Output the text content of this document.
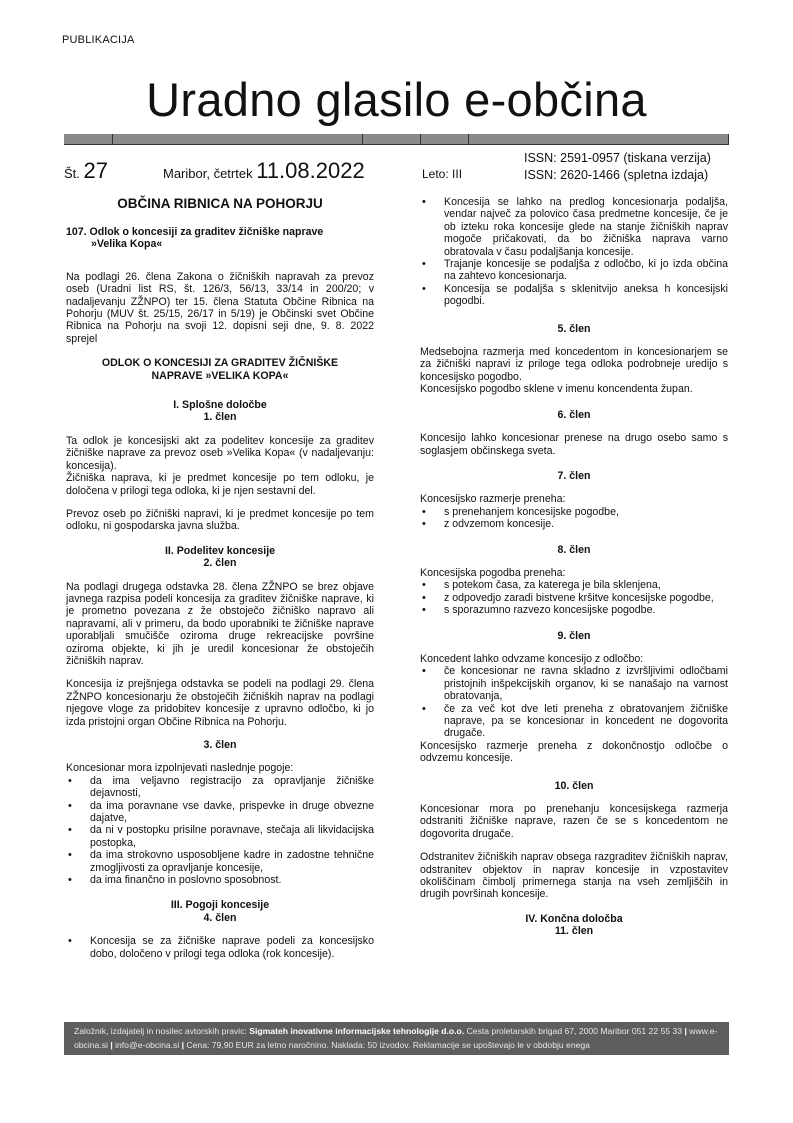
PUBLIKACIJA
Uradno glasilo e-občina
Št. 27	Maribor, četrtek 11.08.2022	Leto: III
ISSN: 2591-0957 (tiskana verzija)
ISSN: 2620-1466 (spletna izdaja)
OBČINA RIBNICA NA POHORJU
107. Odlok o koncesiji za graditev žičniške naprave
»Velika Kopa«

Na podlagi 26. člena Zakona o žičniških napravah za prevoz oseb (Uradni list RS, št. 126/3, 56/13, 33/14 in 200/20; v nadaljevanju ZŽNPO) ter 15. člena Statuta Občine Ribnica na Pohorju (MUV št. 25/15, 26/17 in 5/19) je Občinski svet Občine Ribnica na Pohorju na svoji 12. dopisni seji dne, 9. 8. 2022 sprejel

ODLOK O KONCESIJI ZA GRADITEV ŽIČNIŠKE
NAPRAVE »VELIKA KOPA«
I. Splošne določbe
1. člen

Ta odlok je koncesijski akt za podelitev koncesije za graditev žičniške naprave za prevoz oseb »Velika Kopa« (v nadaljevanju: koncesija).

Žičniška naprava, ki je predmet koncesije po tem odloku, je določena v prilogi tega odloka, ki je njen sestavni del.

Prevoz oseb po žičniški napravi, ki je predmet koncesije po tem odloku, ni gospodarska javna služba.

II. Podelitev koncesije
2. člen

Na podlagi drugega odstavka 28. člena ZŽNPO se brez objave javnega razpisa podeli koncesija za graditev žičniške naprave, ki je prometno povezana z že obstoječo žičniško napravo ali napravami, ali v primeru, da bodo uporabniki te žičniške naprave uporabljali smučišče oziroma druge rekreacijske površine oziroma objekte, ki jih je uredil koncesionar že obstoječih žičniških naprav.

Koncesija iz prejšnjega odstavka se podeli na podlagi 29. člena ZŽNPO koncesionarju že obstoječih žičniških naprav na podlagi njegove vloge za pridobitev koncesije z upravno odločbo, ki jo izda pristojni organ Občine Ribnica na Pohorju.

3. člen
Koncesionar mora izpolnjevati naslednje pogoje:
• da ima veljavno registracijo za opravljanje žičniške dejavnosti,
• da ima poravnane vse davke, prispevke in druge obvezne dajatve,
• da ni v postopku prisilne poravnave, stečaja ali likvidacijska postopka,
• da ima strokovno usposobljene kadre in zadostne tehnične zmogljivosti za opravljanje koncesije,
• da ima finančno in poslovno sposobnost.
III. Pogoji koncesije
4. člen
• Koncesija se za žičniške naprave podeli za koncesijsko dobo, določeno v prilogi tega odloka (rok koncesije).
• Koncesija se lahko na predlog koncesionarja podaljša, vendar največ za polovico časa predmetne koncesije, če je ob izteku roka koncesije glede na stanje žičniških naprav mogoče pričakovati, da bo žičniška naprava varno obratovala v času podaljšanja koncesije.
• Trajanje koncesije se podaljša z odločbo, ki jo izda občina na zahtevo koncesionarja.
• Koncesija se podaljša s sklenitvijo aneksa h koncesijski pogodbi.
5. člen

Medsebojna razmerja med koncedentom in koncesionarjem se za žičniški napravi iz priloge tega odloka podrobneje uredijo s koncesijsko pogodbo.

Koncesijsko pogodbo sklene v imenu koncendenta župan.

6. člen

Koncesijo lahko koncesionar prenese na drugo osebo samo s soglasjem občinskega sveta.

7. člen
Koncesijsko razmerje preneha:
• s prenehanjem koncesijske pogodbe,
• z odvzemom koncesije.
8. člen
Koncesijska pogodba preneha:
• s potekom časa, za katerega je bila sklenjena,
• z odpovedjo zaradi bistvene kršitve koncesijske pogodbe,
• s sporazumno razvezo koncesijske pogodbe.
9. člen
Koncedent lahko odvzame koncesijo z odločbo:
• če koncesionar ne ravna skladno z izvršljivimi odločbami pristojnih inšpekcijskih organov, ki se nanašajo na varnost obratovanja,
• če za več kot dve leti preneha z obratovanjem žičniške naprave, pa se koncesionar in koncedent ne dogovorita drugače.

Koncesijsko razmerje preneha z dokončnostjo odločbe o odvzemu koncesije.

10. člen

Koncesionar mora po prenehanju koncesijskega razmerja odstraniti žičniške naprave, razen če se s koncedentom ne dogovorita drugače.

Odstranitev žičniških naprav obsega razgraditev žičniških naprav, odstranitev objektov in naprav koncesije in vzpostavitev okoliščinam čimbolj primernega stanja na vseh zemljiščih in drugih površinah koncesije.

IV. Končna določba
11. člen
Založnik, izdajatelj in nosilec avtorskih pravic: Sigmateh inovativne informacijske tehnologije d.o.o. Cesta proletarskih brigad 67, 2000 Maribor 051 22 55 33 | www.e-obcina.si | info@e-obcina.si | Cena: 79,90 EUR za letno naročnino. Naklada: 50 izvodov. Reklamacije se upoštevajo le v obdobju enega
